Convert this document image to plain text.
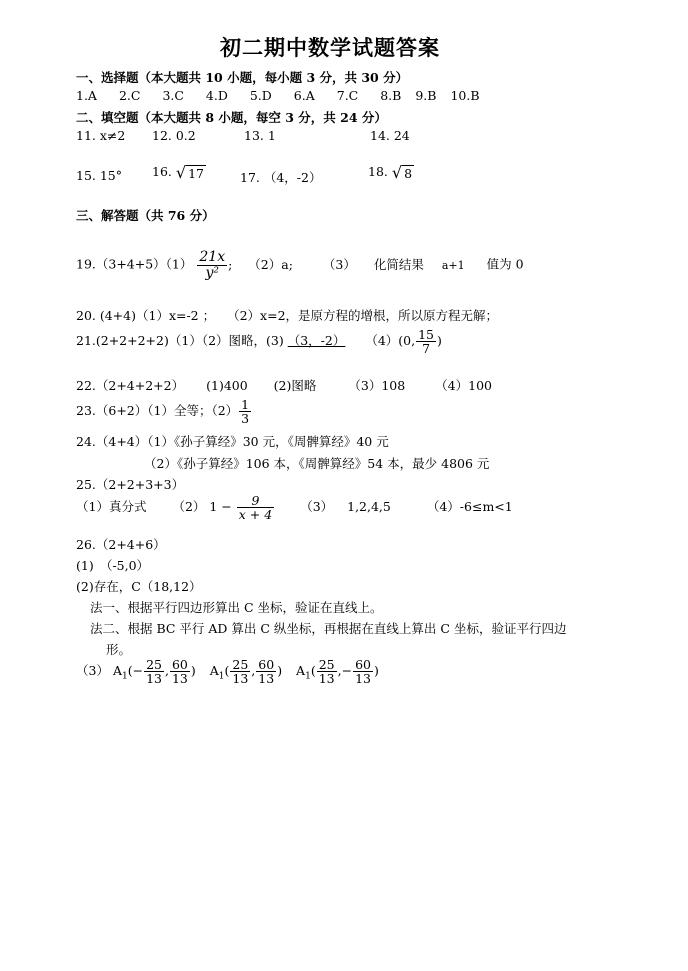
初二期中数学试题答案
一、选择题（本大题共 10 小题，每小题 3 分，共 30 分）
1.A 2.C 3.C 4.D 5.D 6.A 7.C 8.B 9.B 10.B
二、填空题（本大题共 8 小题，每空 3 分，共 24 分）
11. x≠2 12. 0.2	13. 1	14. 24
15. 15° 16. √ 17	17. （4，-2）	18. √ 8
三、解答题（共 76 分）
$19.(3+4+5)(1) \frac{21x}{\text{y²}}$ ; （2）a; （3） 化简结果 a+1 值为 0
20. (4+4)（1）x=-2 ； （2）x=2，是原方程的增根，所以原方程无解；
21.(2+2+2+2)（1）（2）图略，(3) （3，-2） （4）(0, $\frac{15}{7}$ )
22.（2+4+2+2） (1)400 (2)图略	（3）108 （4）100
23.（6+2）（1）全等；$(2) \frac{1}{3}$
24.（4+4）（1）《孙子算经》30 元，《周髀算经》40 元
（2）《孙子算经》106 本，《周髀算经》54 本，最少 4806 元
25.（2+2+3+3）
（1）真分式 （2） $1 - \frac{9}{x + 4} (3)$ 1,2,4,5	（4）-6≤m<1
26.（2+4+6）
(1)　（-5,0）
(2)存在，C（18,12）
法一、根据平行四边形算出 C 坐标，验证在直线上。
法二、根据 BC 平行 AD 算出 C 纵坐标，再根据在直线上算出 C 坐标，验证平行四边
形。
（3） $A_1(- \frac{25}{13}$ , $\frac{60}{13}$ ) $A_1( \frac{25}{13}$ , $\frac{60}{13}$ ) $A_1( \frac{25}{13}$ ,− $\frac{60}{13}$ )
